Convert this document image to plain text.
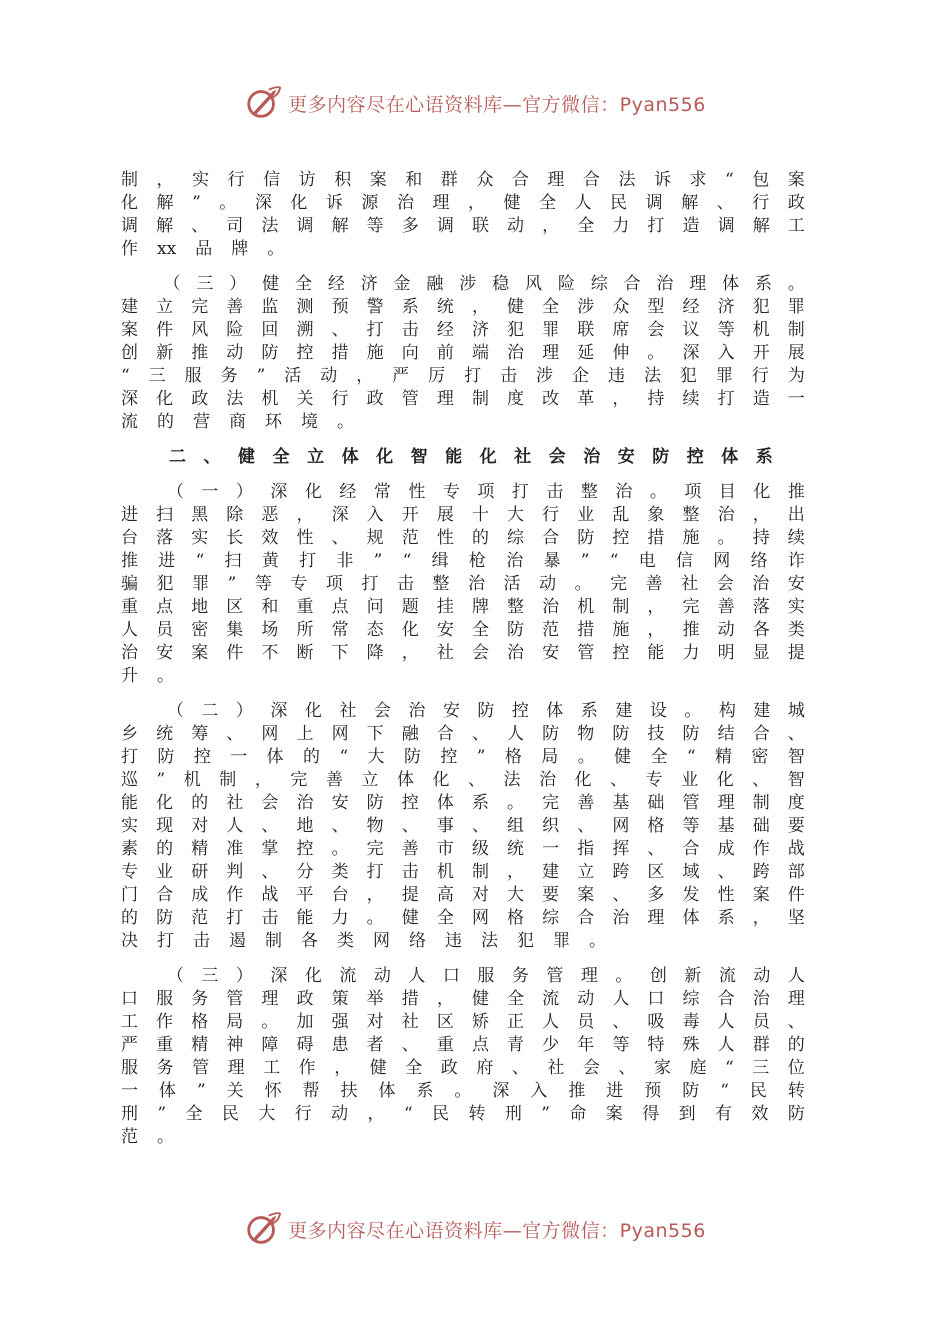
更多内容尽在心语资料库—官方微信：Pyan556
制 ， 实 行 信 访 积 案 和 群 众 合 理 合 法 诉 求 “ 包 案
化 解 ” 。 深 化 诉 源 治 理 ， 健 全 人 民 调 解 、 行 政
调 解 、 司 法 调 解 等 多 调 联 动 ， 全 力 打 造 调 解 工
作 xx 品 牌 。

（ 三 ） 健 全 经 济 金 融 涉 稳 风 险 综 合 治 理 体 系 。
建 立 完 善 监 测 预 警 系 统 ， 健 全 涉 众 型 经 济 犯 罪
案 件 风 险 回 溯 、 打 击 经 济 犯 罪 联 席 会 议 等 机 制
创 新 推 动 防 控 措 施 向 前 端 治 理 延 伸 。 深 入 开 展
“ 三 服 务 ” 活 动 ， 严 厉 打 击 涉 企 违 法 犯 罪 行 为
深 化 政 法 机 关 行 政 管 理 制 度 改 革 ， 持 续 打 造 一
流 的 营 商 环 境 。
二 、 健 全 立 体 化 智 能 化 社 会 治 安 防 控 体 系

（ 一 ） 深 化 经 常 性 专 项 打 击 整 治 。 项 目 化 推
进 扫 黑 除 恶 ， 深 入 开 展 十 大 行 业 乱 象 整 治 ， 出
台 落 实 长 效 性 、 规 范 性 的 综 合 防 控 措 施 。 持 续
推 进 “ 扫 黄 打 非 ” “ 缉 枪 治 暴 ” “ 电 信 网 络 诈
骗 犯 罪 ” 等 专 项 打 击 整 治 活 动 。 完 善 社 会 治 安
重 点 地 区 和 重 点 问 题 挂 牌 整 治 机 制 ， 完 善 落 实
人 员 密 集 场 所 常 态 化 安 全 防 范 措 施 ， 推 动 各 类
治 安 案 件 不 断 下 降 ， 社 会 治 安 管 控 能 力 明 显 提
升 。

（ 二 ） 深 化 社 会 治 安 防 控 体 系 建 设 。 构 建 城
乡 统 筹 、 网 上 网 下 融 合 、 人 防 物 防 技 防 结 合 、
打 防 控 一 体 的 “ 大 防 控 ” 格 局 。 健 全 “ 精 密 智
巡 ” 机 制 ， 完 善 立 体 化 、 法 治 化 、 专 业 化 、 智
能 化 的 社 会 治 安 防 控 体 系 。 完 善 基 础 管 理 制 度
实 现 对 人 、 地 、 物 、 事 、 组 织 、 网 格 等 基 础 要
素 的 精 准 掌 控 。 完 善 市 级 统 一 指 挥 、 合 成 作 战
专 业 研 判 、 分 类 打 击 机 制 ， 建 立 跨 区 域 、 跨 部
门 合 成 作 战 平 台 ， 提 高 对 大 要 案 、 多 发 性 案 件
的 防 范 打 击 能 力 。 健 全 网 格 综 合 治 理 体 系 ， 坚
决 打 击 遏 制 各 类 网 络 违 法 犯 罪 。

（ 三 ） 深 化 流 动 人 口 服 务 管 理 。 创 新 流 动 人
口 服 务 管 理 政 策 举 措 ， 健 全 流 动 人 口 综 合 治 理
工 作 格 局 。 加 强 对 社 区 矫 正 人 员 、 吸 毒 人 员 、
严 重 精 神 障 碍 患 者 、 重 点 青 少 年 等 特 殊 人 群 的
服 务 管 理 工 作 ， 健 全 政 府 、 社 会 、 家 庭 “ 三 位
一 体 ” 关 怀 帮 扶 体 系 。 深 入 推 进 预 防 “ 民 转
刑 ” 全 民 大 行 动 ， “ 民 转 刑 ” 命 案 得 到 有 效 防
范 。
更多内容尽在心语资料库—官方微信：Pyan556
